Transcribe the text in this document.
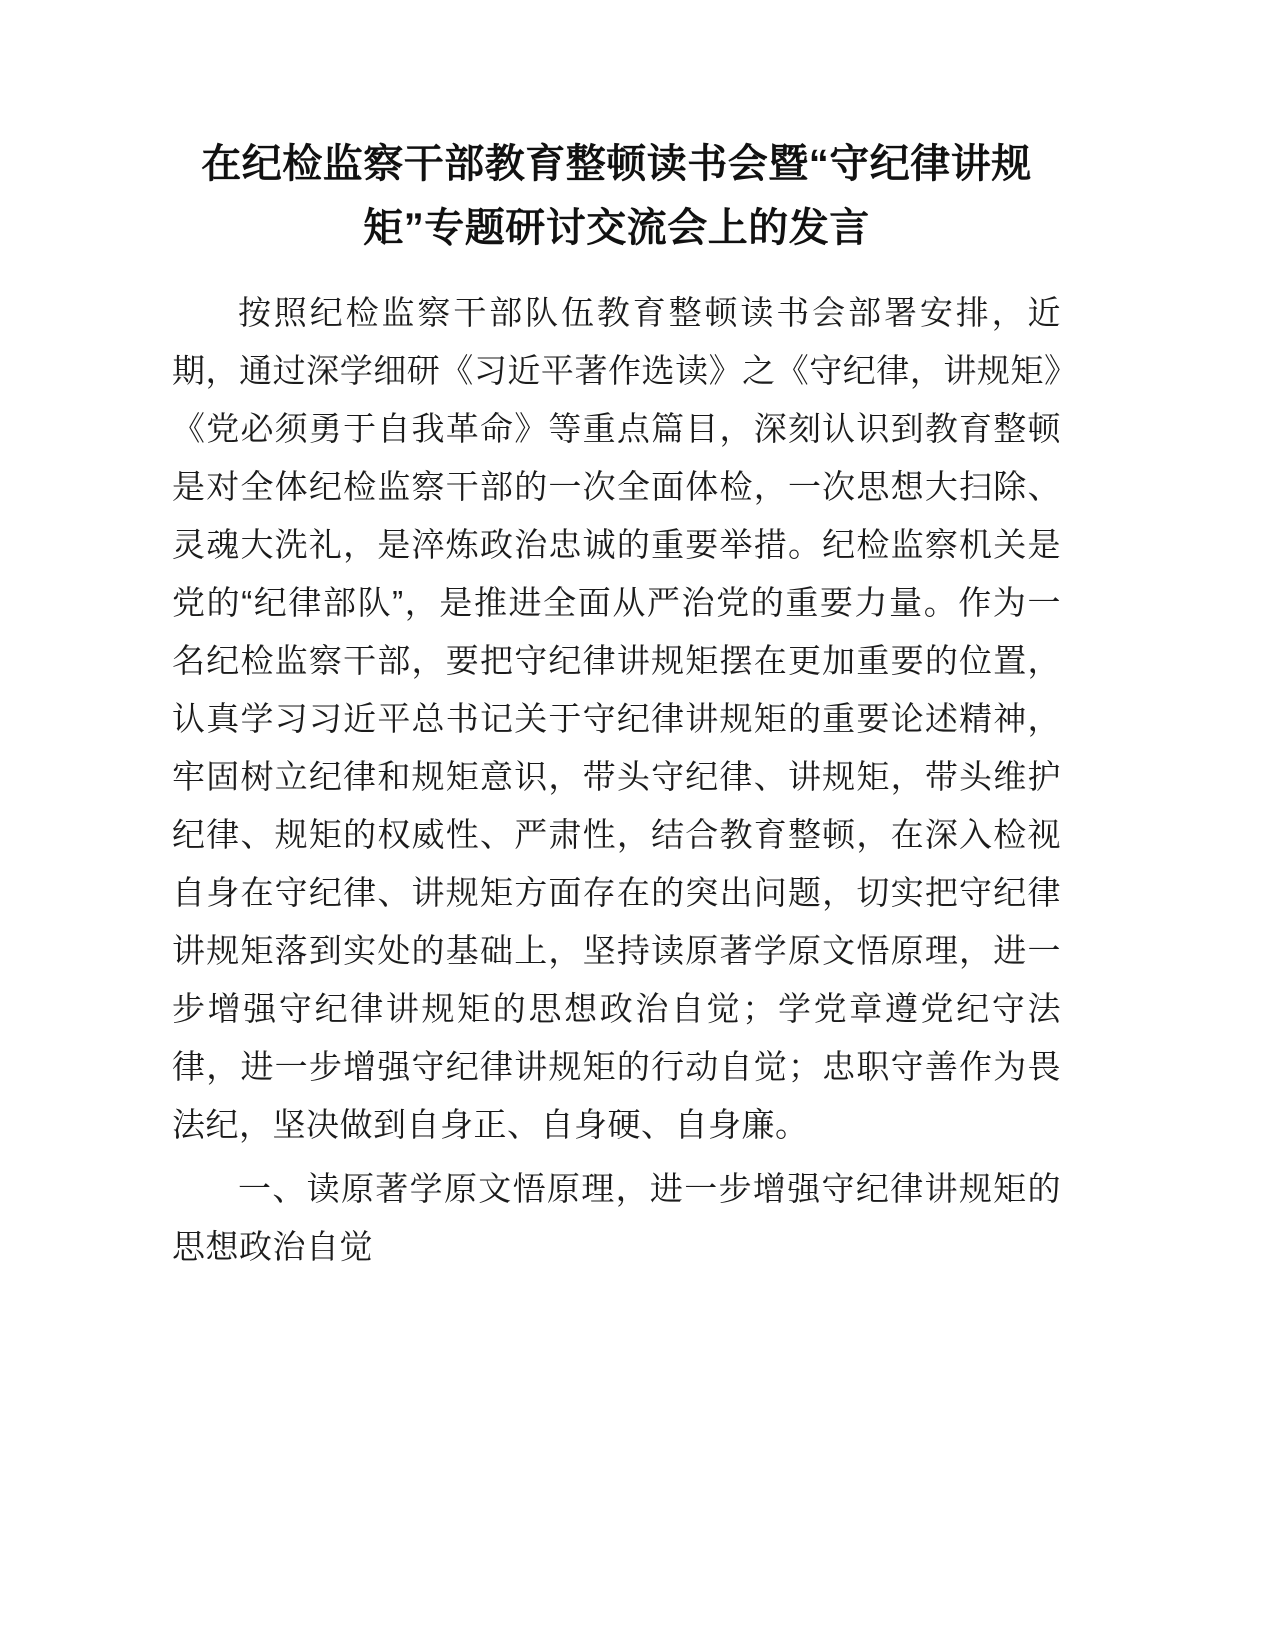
在纪检监察干部教育整顿读书会暨“守纪律讲规矩”专题研讨交流会上的发言

按照纪检监察干部队伍教育整顿读书会部署安排，近期，通过深学细研《习近平著作选读》之《守纪律，讲规矩》《党必须勇于自我革命》等重点篇目，深刻认识到教育整顿是对全体纪检监察干部的一次全面体检，一次思想大扫除、灵魂大洗礼，是淬炼政治忠诚的重要举措。纪检监察机关是党的“纪律部队”，是推进全面从严治党的重要力量。作为一名纪检监察干部，要把守纪律讲规矩摆在更加重要的位置，认真学习习近平总书记关于守纪律讲规矩的重要论述精神，牢固树立纪律和规矩意识，带头守纪律、讲规矩，带头维护纪律、规矩的权威性、严肃性，结合教育整顿，在深入检视自身在守纪律、讲规矩方面存在的突出问题，切实把守纪律讲规矩落到实处的基础上，坚持读原著学原文悟原理，进一步增强守纪律讲规矩的思想政治自觉；学党章遵党纪守法律，进一步增强守纪律讲规矩的行动自觉；忠职守善作为畏法纪，坚决做到自身正、自身硬、自身廉。

一、读原著学原文悟原理，进一步增强守纪律讲规矩的思想政治自觉
